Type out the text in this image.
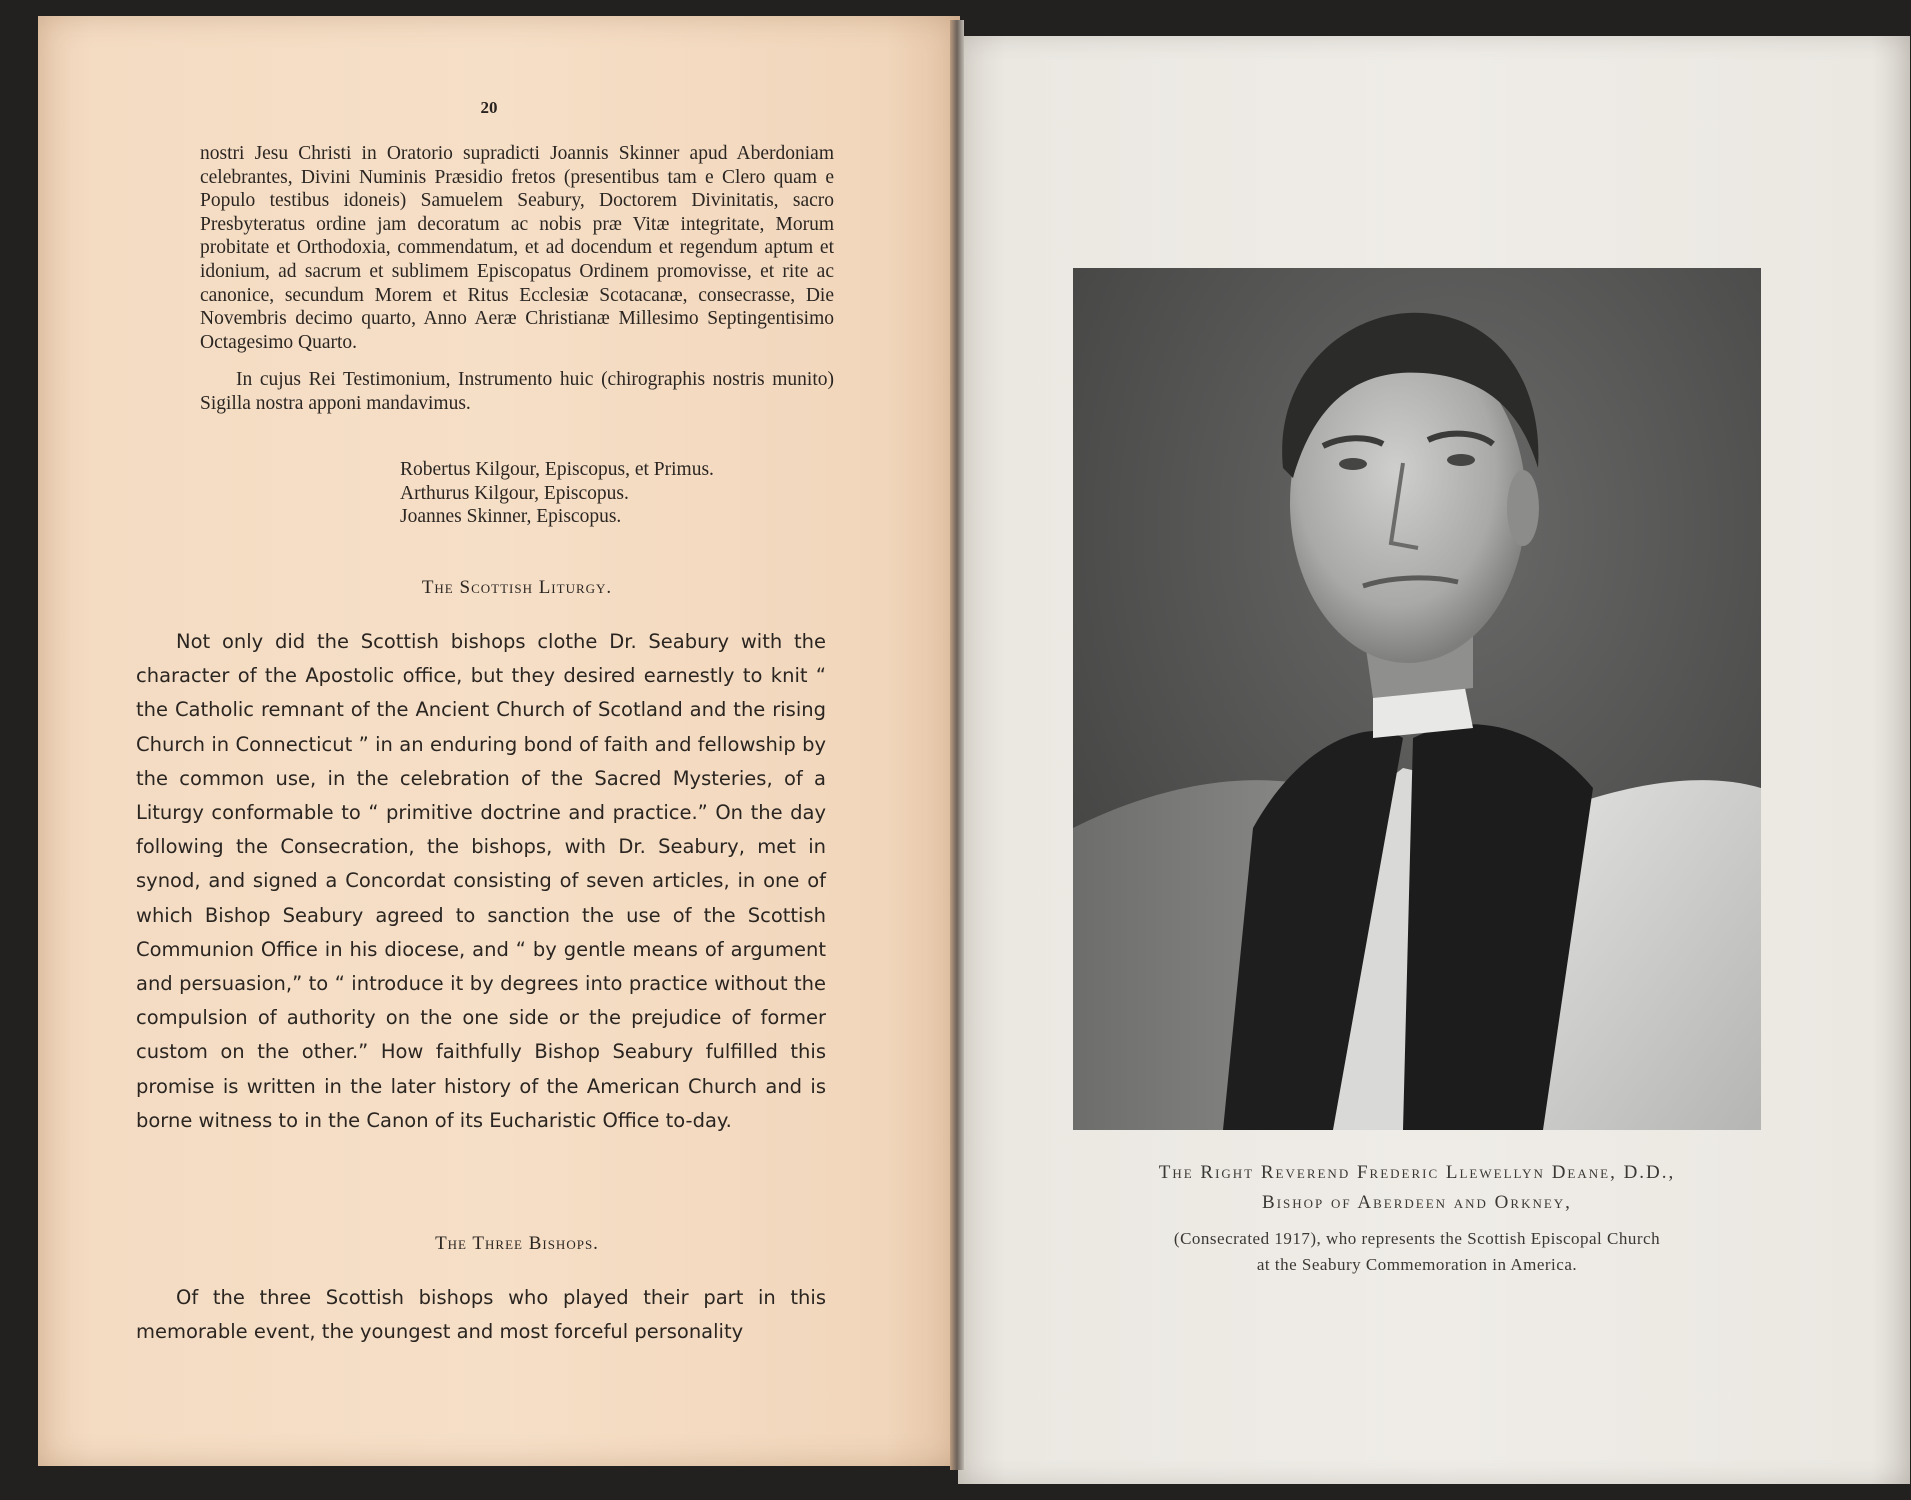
20

nostri Jesu Christi in Oratorio supradicti Joannis Skinner apud Aberdoniam celebrantes, Divini Numinis Præsidio fretos (presentibus tam e Clero quam e Populo testibus idoneis) Samuelem Seabury, Doctorem Divinitatis, sacro Presbyteratus ordine jam decoratum ac nobis præ Vitæ integritate, Morum probitate et Orthodoxia, commendatum, et ad docendum et regendum aptum et idonium, ad sacrum et sublimem Episcopatus Ordinem promovisse, et rite ac canonice, secundum Morem et Ritus Ecclesiæ Scotacanæ, consecrasse, Die Novembris decimo quarto, Anno Aeræ Christianæ Millesimo Septingentisimo Octagesimo Quarto.

In cujus Rei Testimonium, Instrumento huic (chirographis nostris munito) Sigilla nostra apponi mandavimus.

Robertus Kilgour, Episcopus, et Primus.
Arthurus Kilgour, Episcopus.
Joannes Skinner, Episcopus.
The Scottish Liturgy.

Not only did the Scottish bishops clothe Dr. Seabury with the character of the Apostolic office, but they desired earnestly to knit “ the Catholic remnant of the Ancient Church of Scotland and the rising Church in Connecticut ” in an enduring bond of faith and fellowship by the common use, in the celebration of the Sacred Mysteries, of a Liturgy conformable to “ primitive doctrine and practice.” On the day following the Consecration, the bishops, with Dr. Seabury, met in synod, and signed a Concordat consisting of seven articles, in one of which Bishop Seabury agreed to sanction the use of the Scottish Communion Office in his diocese, and “ by gentle means of argument and persuasion,” to “ introduce it by degrees into practice without the compulsion of authority on the one side or the prejudice of former custom on the other.” How faithfully Bishop Seabury fulfilled this promise is written in the later history of the American Church and is borne witness to in the Canon of its Eucharistic Office to-day.

The Three Bishops.

Of the three Scottish bishops who played their part in this memorable event, the youngest and most forceful personality

The Right Reverend Frederic Llewellyn Deane, D.D.,
Bishop of Aberdeen and Orkney,
(Consecrated 1917), who represents the Scottish Episcopal Church
at the Seabury Commemoration in America.
